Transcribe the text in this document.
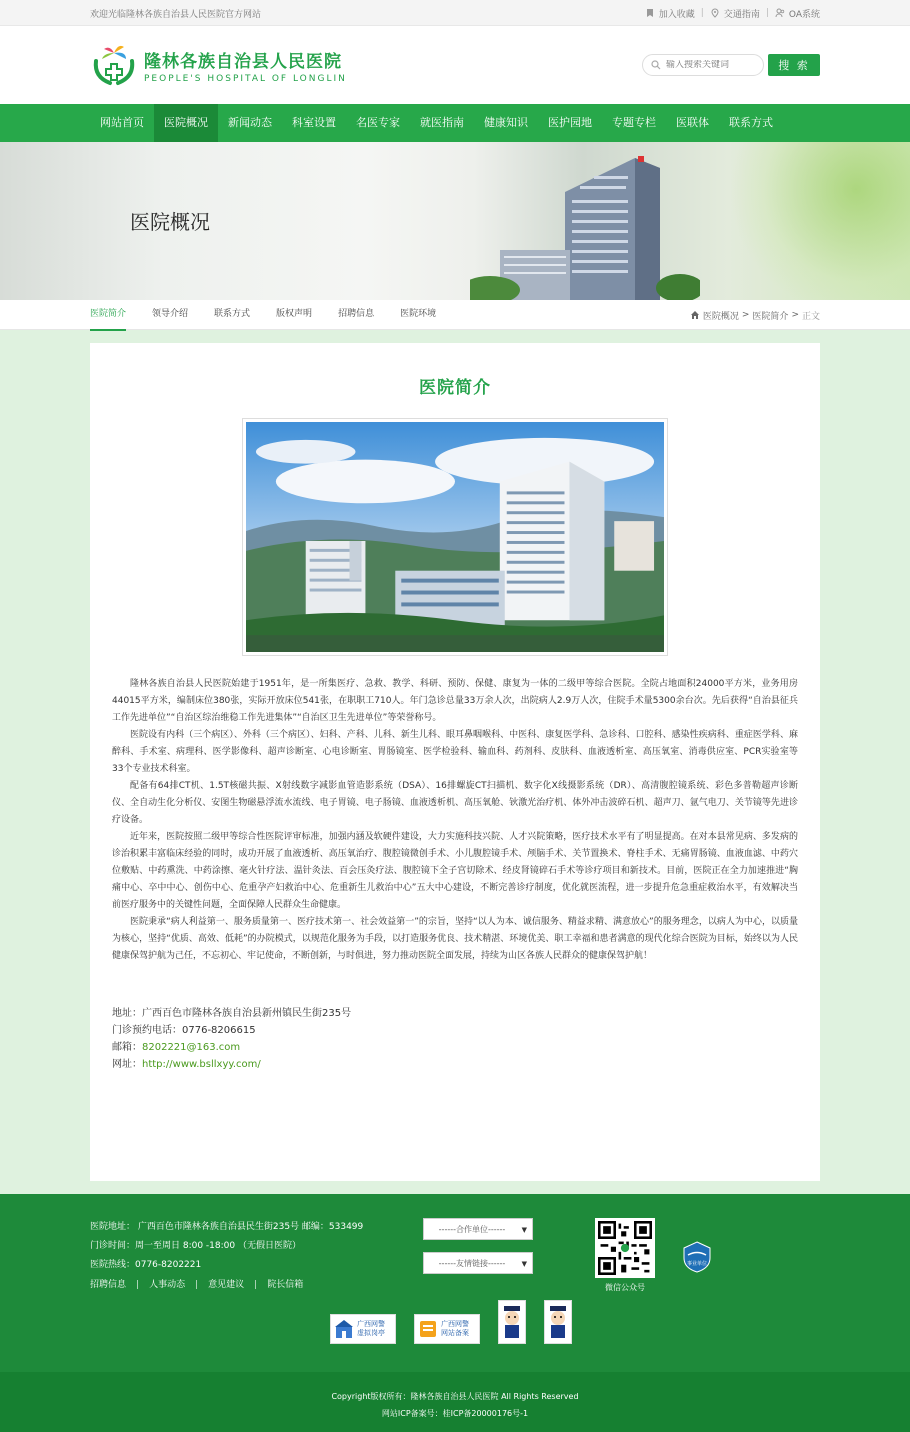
欢迎光临隆林各族自治县人民医院官方网站	加入收藏 | 交通指南 | OA系统
隆林各族自治县人民医院
PEOPLE'S HOSPITAL OF LONGLIN
输入搜索关键词
搜 索
网站首页	医院概况	新闻动态	科室设置	名医专家	就医指南	健康知识	医护园地	专题专栏	医联体	联系方式
医院概况
医院简介	领导介绍	联系方式	版权声明	招聘信息	医院环境	医院概况 > 医院简介 > 正文
医院简介

隆林各族自治县人民医院始建于1951年，是一所集医疗、急救、教学、科研、预防、保健、康复为一体的二级甲等综合医院。全院占地面积24000平方米，业务用房44015平方米，编制床位380张，实际开放床位541张，在职职工710人。年门急诊总量33万余人次，出院病人2.9万人次，住院手术量5300余台次。先后获得“自治县征兵工作先进单位”“自治区综治维稳工作先进集体”“自治区卫生先进单位”等荣誉称号。

医院设有内科（三个病区）、外科（三个病区）、妇科、产科、儿科、新生儿科、眼耳鼻咽喉科、中医科、康复医学科、急诊科、口腔科、感染性疾病科、重症医学科、麻醉科、手术室、病理科、医学影像科、超声诊断室、心电诊断室、胃肠镜室、医学检验科、输血科、药剂科、皮肤科、血液透析室、高压氧室、消毒供应室、PCR实验室等33个专业技术科室。

配备有64排CT机、1.5T核磁共振、X射线数字减影血管造影系统（DSA）、16排螺旋CT扫描机、数字化X线摄影系统（DR）、高清腹腔镜系统、彩色多普勒超声诊断仪、全自动生化分析仪、安图生物磁悬浮流水流线、电子胃镜、电子肠镜、血液透析机、高压氧舱、钬激光治疗机、体外冲击波碎石机、超声刀、氩气电刀、关节镜等先进诊疗设备。

近年来，医院按照二级甲等综合性医院评审标准，加强内涵及软硬件建设，大力实施科技兴院、人才兴院策略，医疗技术水平有了明显提高。在对本县常见病、多发病的诊治积累丰富临床经验的同时，成功开展了血液透析、高压氧治疗、腹腔镜微创手术、小儿腹腔镜手术、颅脑手术、关节置换术、脊柱手术、无痛胃肠镜、血液血滤、中药穴位敷贴、中药熏洗、中药涂擦、毫火针疗法、温针灸法、百会压灸疗法、腹腔镜下全子宫切除术、经皮肾镜碎石手术等诊疗项目和新技术。目前，医院正在全力加速推进“胸痛中心、卒中中心、创伤中心、危重孕产妇救治中心、危重新生儿救治中心”五大中心建设，不断完善诊疗制度，优化就医流程，进一步提升危急重症救治水平，有效解决当前医疗服务中的关键性问题，全面保障人民群众生命健康。

医院秉承“病人利益第一、服务质量第一、医疗技术第一、社会效益第一”的宗旨，坚持“以人为本、诚信服务、精益求精、满意放心”的服务理念，以病人为中心，以质量为核心，坚持“优质、高效、低耗”的办院模式，以规范化服务为手段，以打造服务优良、技术精湛、环境优美、职工幸福和患者满意的现代化综合医院为目标，始终以为人民健康保驾护航为己任，不忘初心、牢记使命，不断创新，与时俱进，努力推动医院全面发展，持续为山区各族人民群众的健康保驾护航！

地址：广西百色市隆林各族自治县新州镇民生街235号
门诊预约电话：0776-8206615
邮箱：8202221@163.com
网址：http://www.bsllxyy.com/
医院地址： 广西百色市隆林各族自治县民生街235号 邮编：533499
门诊时间：周一至周日 8:00 -18:00 （无假日医院）
医院热线：0776-8202221
招聘信息 | 人事动态 | 意见建议 | 院长信箱
------合作单位------ ▼
------友情链接------ ▼
微信公众号
事业单位
广西网警
虚拟岗亭
广西网警
网站备案
Copyright版权所有：隆林各族自治县人民医院 All Rights Reserved
网站ICP备案号：桂ICP备20000176号-1
